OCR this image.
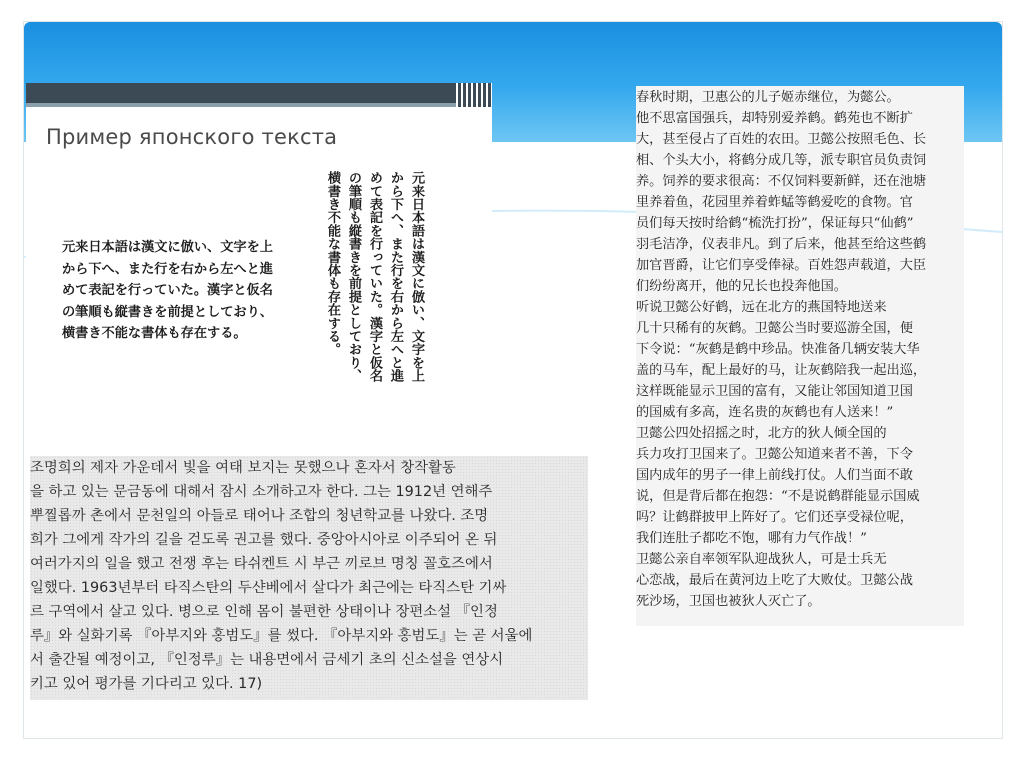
Пример японского текста
元来日本語は漢文に倣い、文字を上
から下へ、また行を右から左へと進
めて表記を行っていた。漢字と仮名
の筆順も縦書きを前提としており、
横書き不能な書体も存在する。	元来日本語は漢文に倣い、文字を上
から下へ、また行を右から左へと進
めて表記を行っていた。漢字と仮名
の筆順も縦書きを前提としており、
横書き不能な書体も存在する。
조명희의 제자 가운데서 빛을 여태 보지는 못했으나 혼자서 창작활동
을 하고 있는 문금동에 대해서 잠시 소개하고자 한다. 그는 1912년 연해주
뿌찔롭까 촌에서 문천일의 아들로 태어나 조합의 청년학교를 나왔다. 조명
희가 그에게 작가의 길을 걷도록 권고를 했다. 중앙아시아로 이주되어 온 뒤
여러가지의 일을 했고 전쟁 후는 타쉬켄트 시 부근 끼로브 명칭 꼴호즈에서
일했다. 1963년부터 타직스탄의 두샨베에서 살다가 최근에는 타직스탄 기싸
르 구역에서 살고 있다. 병으로 인해 몸이 불편한 상태이나 장편소설 『인정
루』와 실화기록 『아부지와 홍범도』를 썼다. 『아부지와 홍범도』는 곧 서울에
서 출간될 예정이고, 『인정루』는 내용면에서 금세기 초의 신소설을 연상시
키고 있어 평가를 기다리고 있다. 17)
春秋时期，卫惠公的儿子姬赤继位，为懿公。
他不思富国强兵，却特别爱养鹤。鹤苑也不断扩
大，甚至侵占了百姓的农田。卫懿公按照毛色、长
相、个头大小，将鹤分成几等，派专职官员负责饲
养。饲养的要求很高：不仅饲料要新鲜，还在池塘
里养着鱼，花园里养着蚱蜢等鹤爱吃的食物。官
员们每天按时给鹤“梳洗打扮”，保证每只“仙鹤”
羽毛洁净，仪表非凡。到了后来，他甚至给这些鹤
加官晋爵，让它们享受俸禄。百姓怨声载道，大臣
们纷纷离开，他的兄长也投奔他国。
听说卫懿公好鹤，远在北方的燕国特地送来
几十只稀有的灰鹤。卫懿公当时要巡游全国，便
下令说：“灰鹤是鹤中珍品。快准备几辆安装大华
盖的马车，配上最好的马，让灰鹤陪我一起出巡，
这样既能显示卫国的富有，又能让邻国知道卫国
的国威有多高，连名贵的灰鹤也有人送来！”
卫懿公四处招摇之时，北方的狄人倾全国的
兵力攻打卫国来了。卫懿公知道来者不善，下令
国内成年的男子一律上前线打仗。人们当面不敢
说，但是背后都在抱怨：“不是说鹤群能显示国威
吗？让鹤群披甲上阵好了。它们还享受禄位呢，
我们连肚子都吃不饱，哪有力气作战！”
卫懿公亲自率领军队迎战狄人，可是士兵无
心恋战，最后在黄河边上吃了大败仗。卫懿公战
死沙场，卫国也被狄人灭亡了。
